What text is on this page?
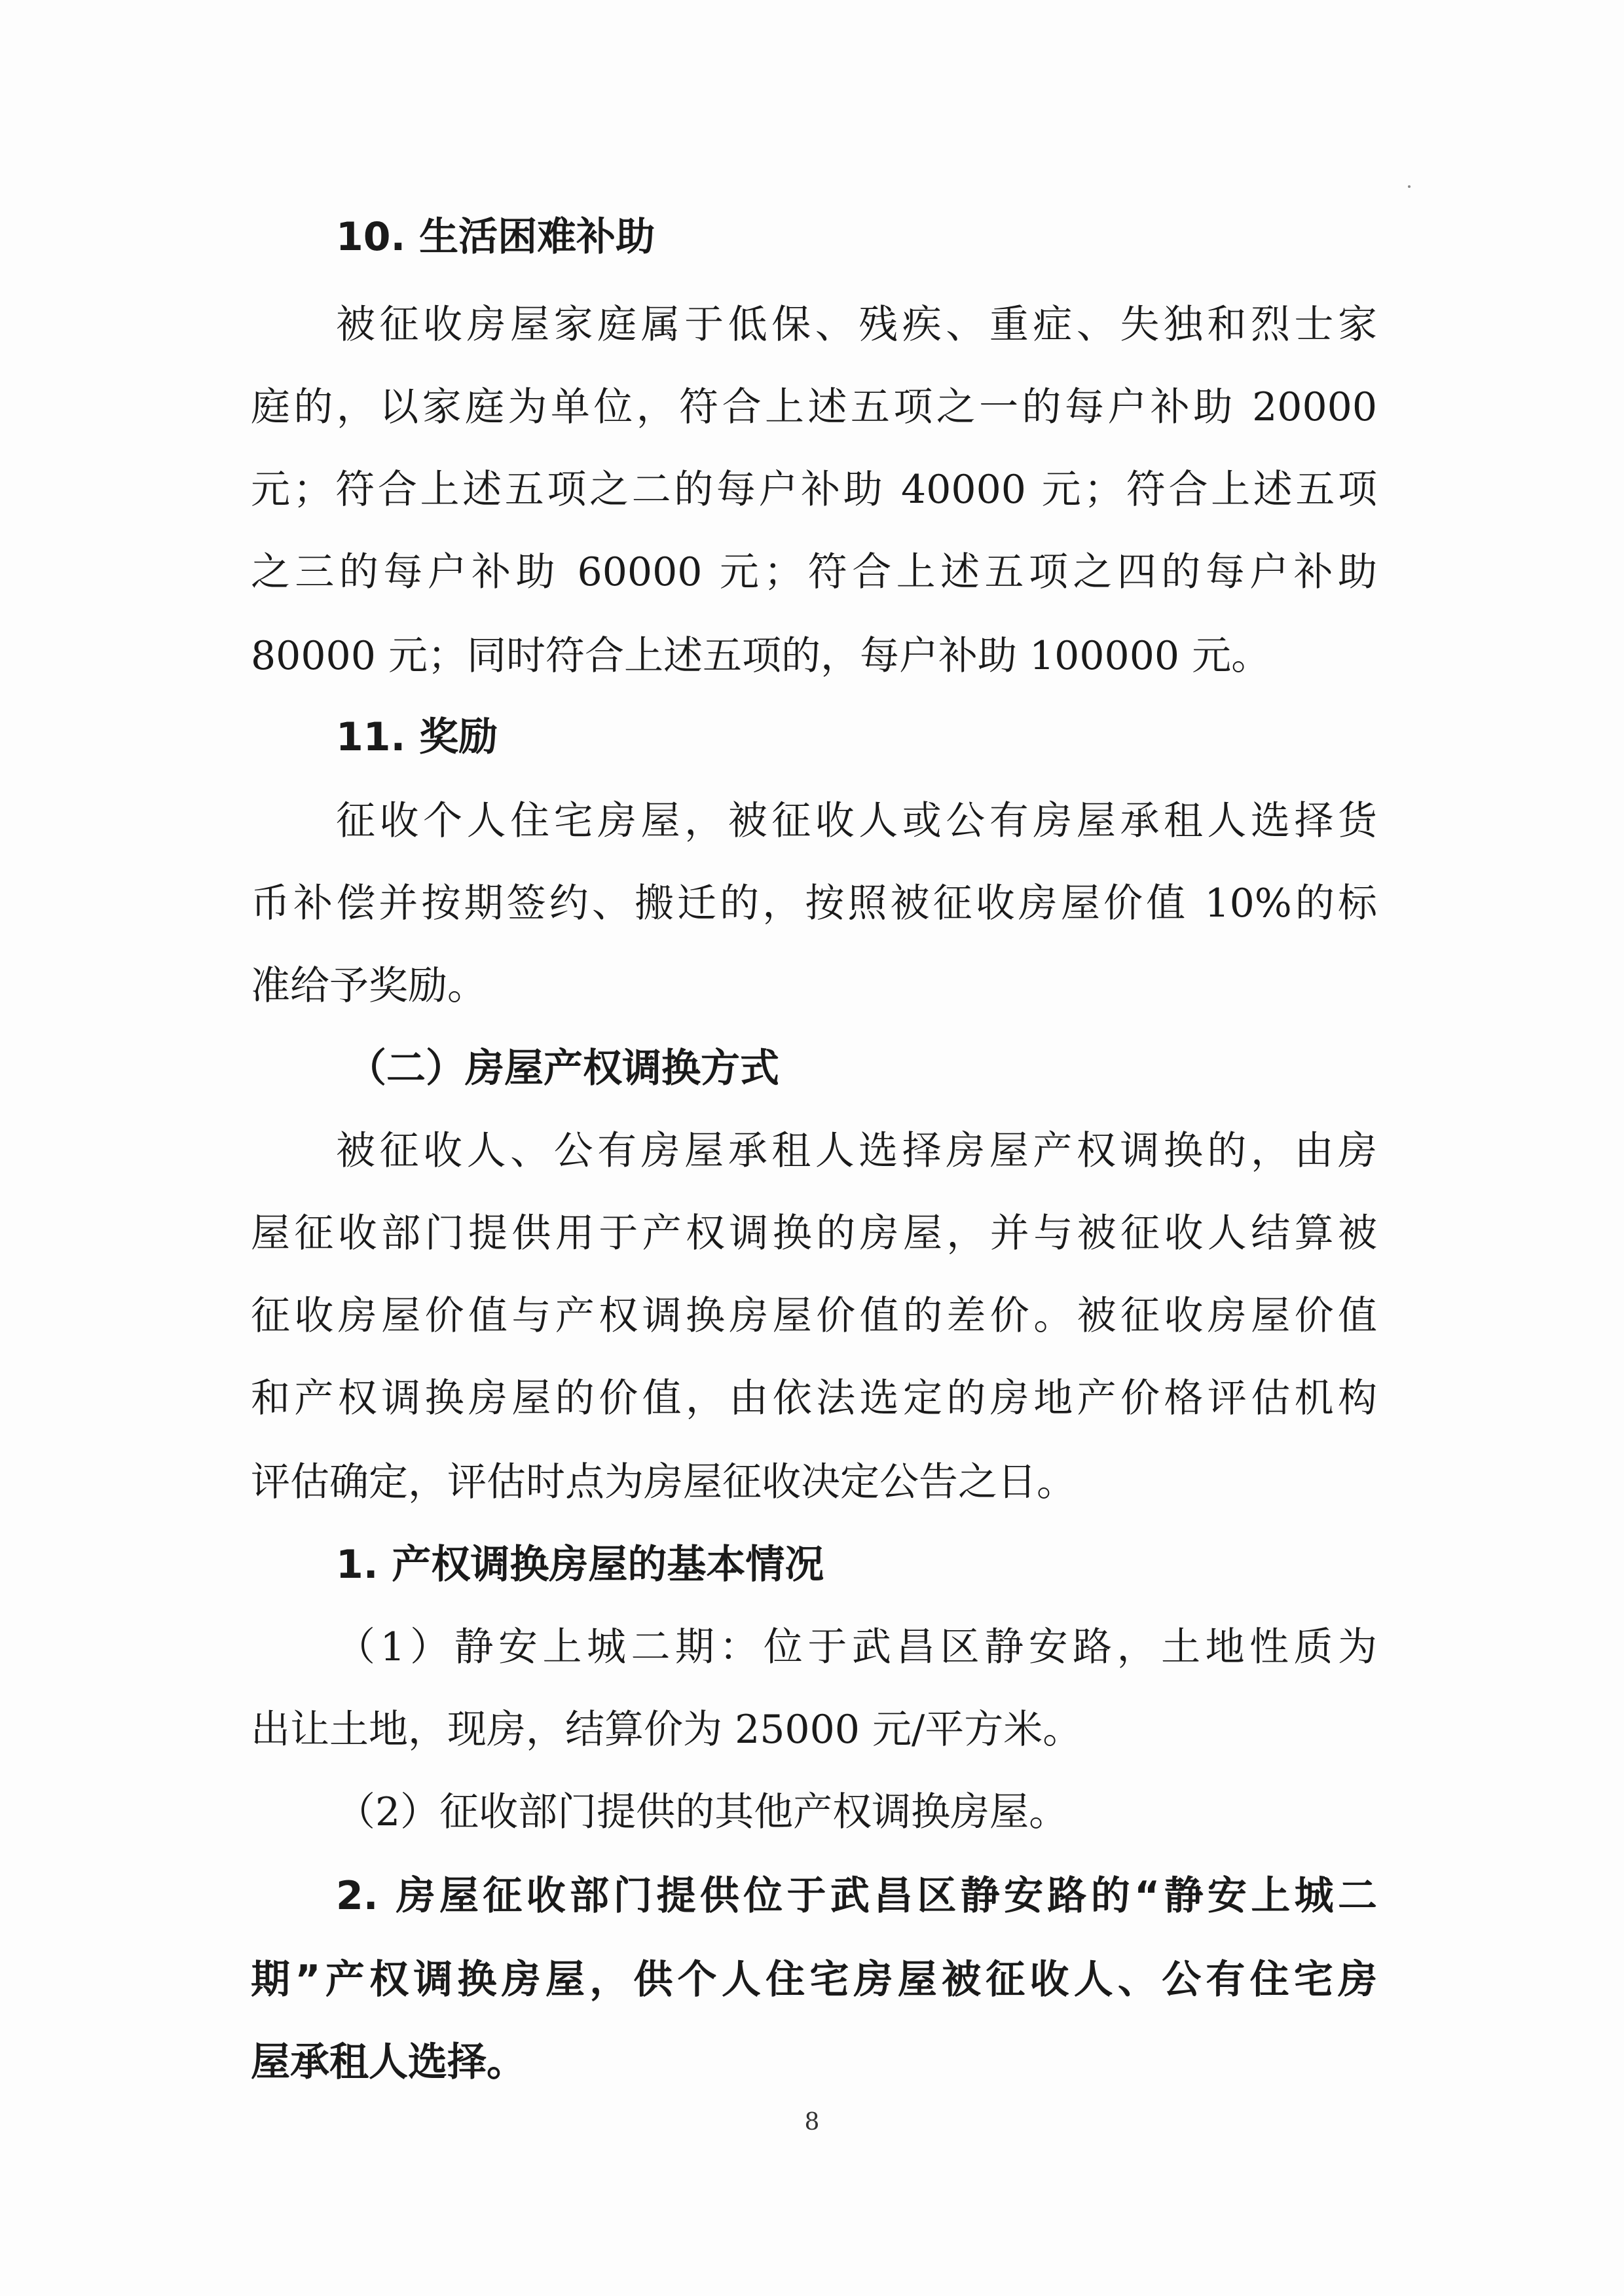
10. 生活困难补助
被征收房屋家庭属于低保、残疾、重症、失独和烈士家
庭的，以家庭为单位，符合上述五项之一的每户补助 20000
元；符合上述五项之二的每户补助 40000 元；符合上述五项
之三的每户补助 60000 元；符合上述五项之四的每户补助
80000 元；同时符合上述五项的，每户补助 100000 元。
11. 奖励
征收个人住宅房屋，被征收人或公有房屋承租人选择货
币补偿并按期签约、搬迁的，按照被征收房屋价值 10%的标
准给予奖励。
（二）房屋产权调换方式
被征收人、公有房屋承租人选择房屋产权调换的，由房
屋征收部门提供用于产权调换的房屋，并与被征收人结算被
征收房屋价值与产权调换房屋价值的差价。被征收房屋价值
和产权调换房屋的价值，由依法选定的房地产价格评估机构
评估确定，评估时点为房屋征收决定公告之日。
1. 产权调换房屋的基本情况
（1）静安上城二期：位于武昌区静安路，土地性质为
出让土地，现房，结算价为 25000 元/平方米。
（2）征收部门提供的其他产权调换房屋。
2. 房屋征收部门提供位于武昌区静安路的“静安上城二
期”产权调换房屋，供个人住宅房屋被征收人、公有住宅房
屋承租人选择。
8
